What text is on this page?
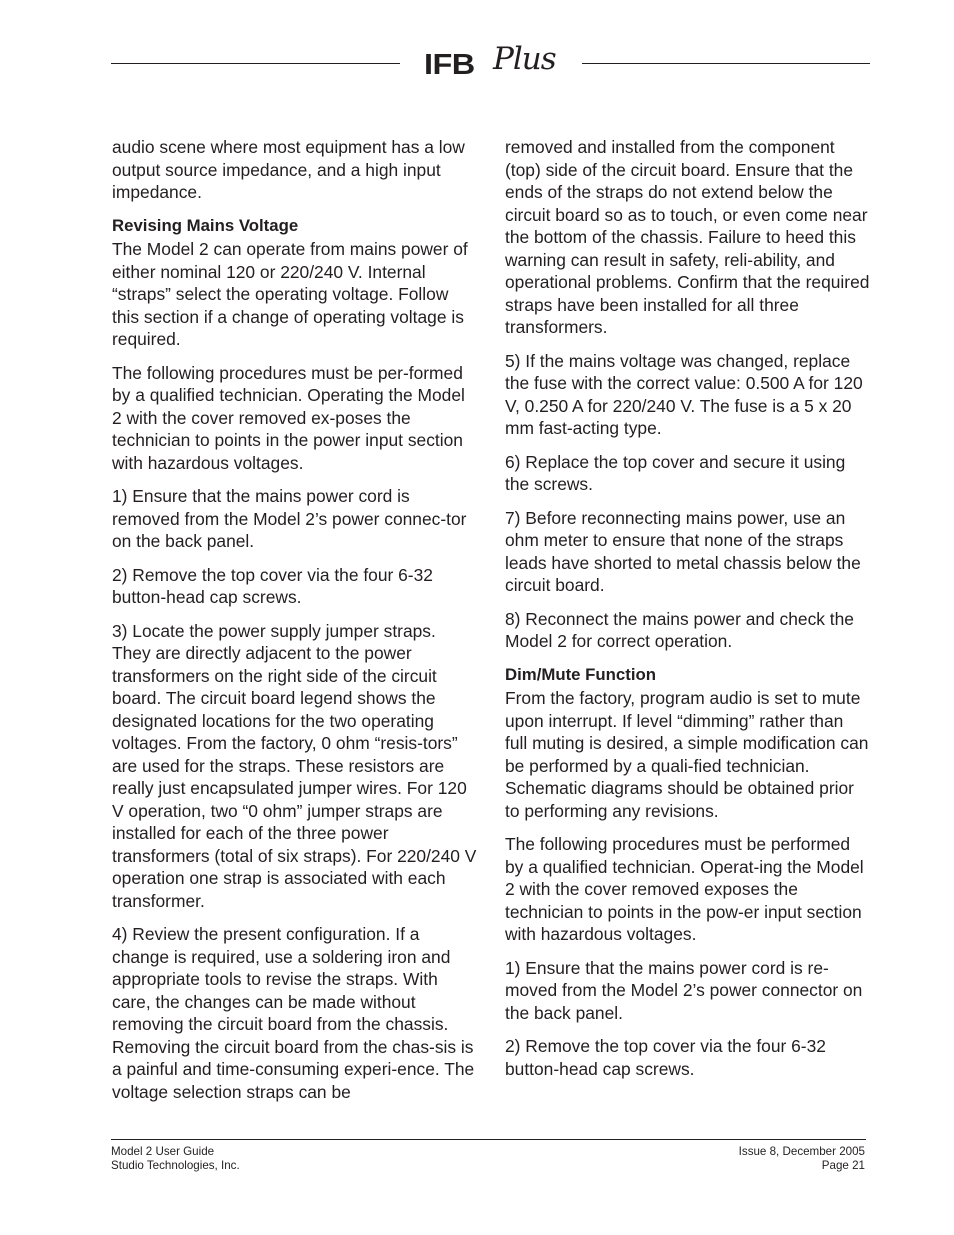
IFB Plus

audio scene where most equipment has a low output source impedance, and a high input impedance.

Revising Mains Voltage

The Model 2 can operate from mains power of either nominal 120 or 220/240 V. Internal “straps” select the operating voltage. Follow this section if a change of operating voltage is required.

The following procedures must be per-formed by a qualified technician. Operating the Model 2 with the cover removed ex-poses the technician to points in the power input section with hazardous voltages.

1) Ensure that the mains power cord is removed from the Model 2’s power connec-tor on the back panel.

2) Remove the top cover via the four 6-32 button-head cap screws.

3) Locate the power supply jumper straps. They are directly adjacent to the power transformers on the right side of the circuit board. The circuit board legend shows the designated locations for the two operating voltages. From the factory, 0 ohm “resis-tors” are used for the straps. These resistors are really just encapsulated jumper wires. For 120 V operation, two “0 ohm” jumper straps are installed for each of the three power transformers (total of six straps). For 220/240 V operation one strap is associated with each transformer.

4) Review the present configuration. If a change is required, use a soldering iron and appropriate tools to revise the straps. With care, the changes can be made without removing the circuit board from the chassis. Removing the circuit board from the chas-sis is a painful and time-consuming experi-ence. The voltage selection straps can be

removed and installed from the component (top) side of the circuit board. Ensure that the ends of the straps do not extend below the circuit board so as to touch, or even come near the bottom of the chassis. Failure to heed this warning can result in safety, reli-ability, and operational problems. Confirm that the required straps have been installed for all three transformers.

5) If the mains voltage was changed, replace the fuse with the correct value: 0.500 A for 120 V, 0.250 A for 220/240 V. The fuse is a 5 x 20 mm fast-acting type.

6) Replace the top cover and secure it using the screws.

7) Before reconnecting mains power, use an ohm meter to ensure that none of the straps leads have shorted to metal chassis below the circuit board.

8) Reconnect the mains power and check the Model 2 for correct operation.

Dim/Mute Function

From the factory, program audio is set to mute upon interrupt. If level “dimming” rather than full muting is desired, a simple modification can be performed by a quali-fied technician. Schematic diagrams should be obtained prior to performing any revisions.

The following procedures must be performed by a qualified technician. Operat-ing the Model 2 with the cover removed exposes the technician to points in the pow-er input section with hazardous voltages.

1) Ensure that the mains power cord is re-moved from the Model 2’s power connector on the back panel.

2) Remove the top cover via the four 6-32 button-head cap screws.

Model 2 User Guide
Studio Technologies, Inc.
Issue 8, December 2005
Page 21
